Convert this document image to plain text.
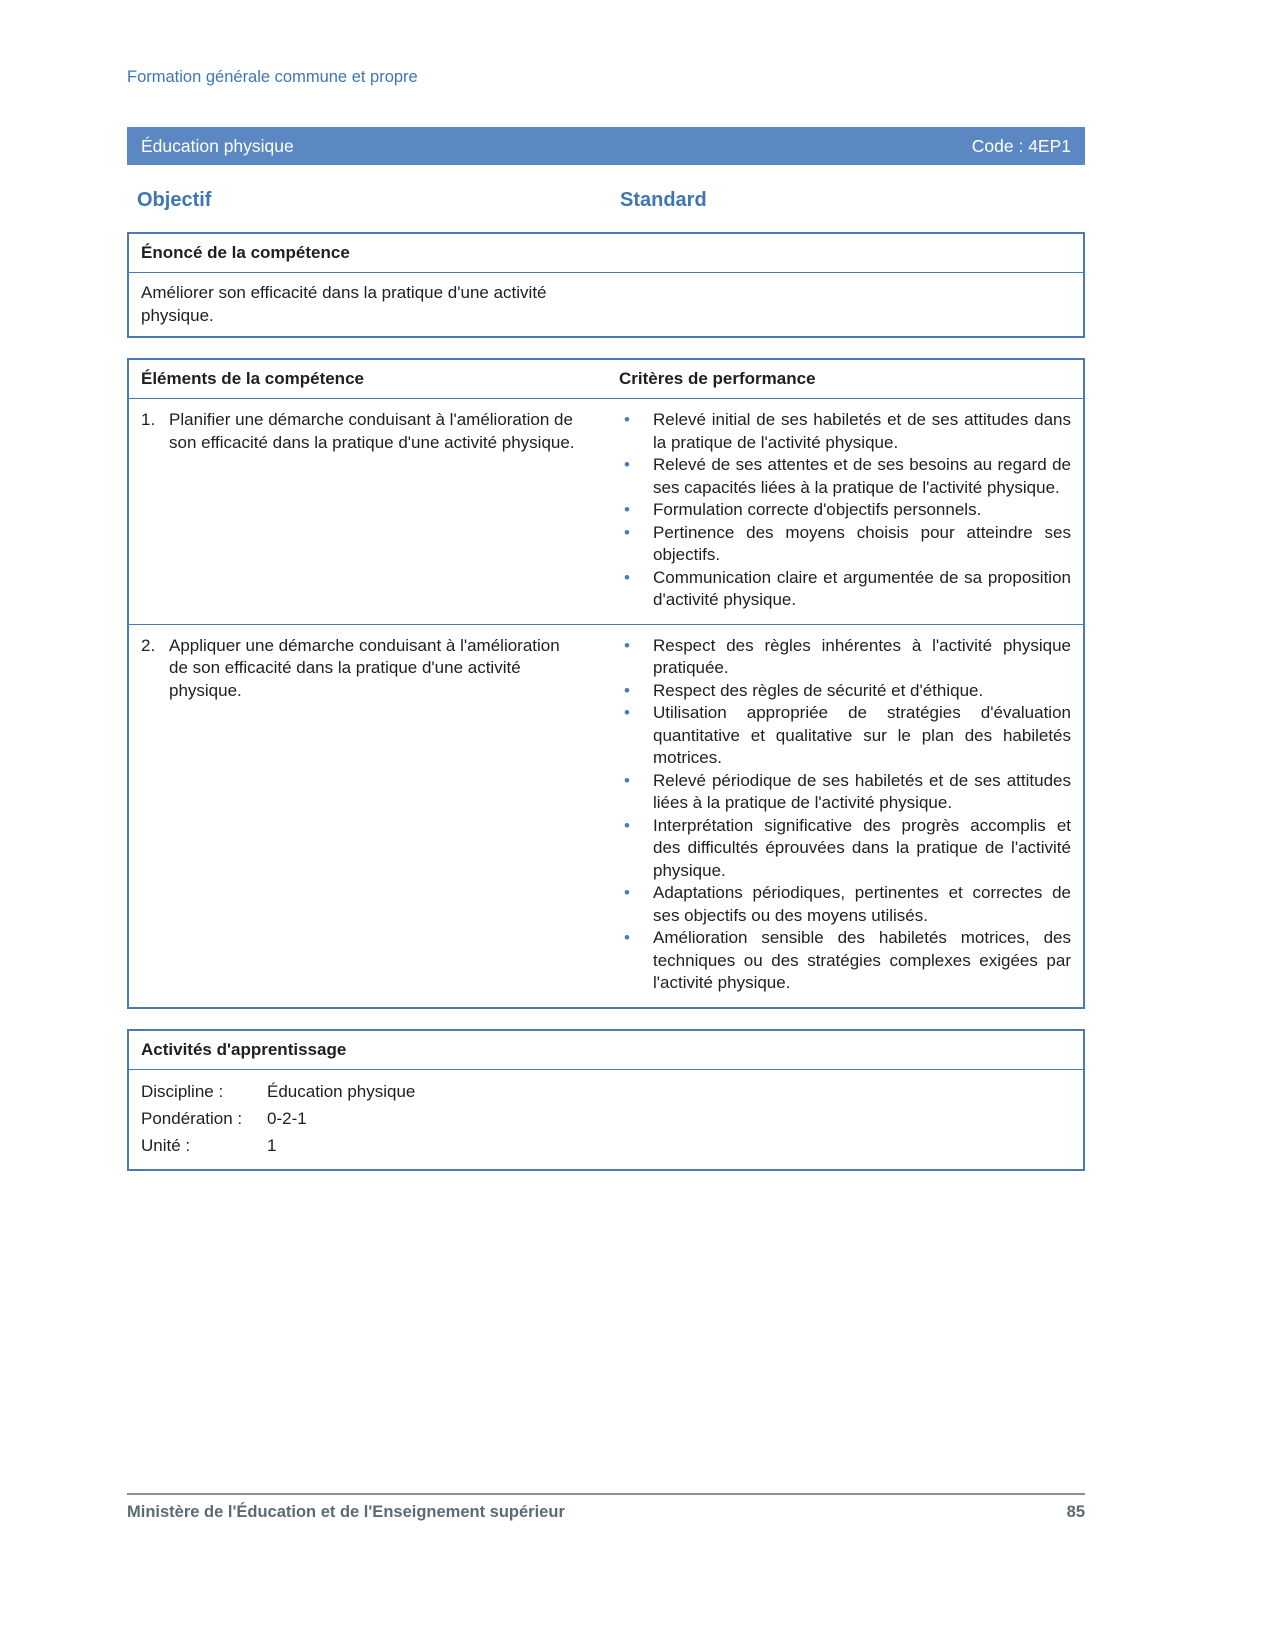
Formation générale commune et propre
Éducation physique	Code : 4EP1
Objectif	Standard
Énoncé de la compétence
Améliorer son efficacité dans la pratique d'une activité physique.
Éléments de la compétence	Critères de performance
1. Planifier une démarche conduisant à l'amélioration de son efficacité dans la pratique d'une activité physique.
•	Relevé initial de ses habiletés et de ses attitudes dans la pratique de l'activité physique.
•	Relevé de ses attentes et de ses besoins au regard de ses capacités liées à la pratique de l'activité physique.
•	Formulation correcte d'objectifs personnels.
•	Pertinence des moyens choisis pour atteindre ses objectifs.
•	Communication claire et argumentée de sa proposition d'activité physique.
2. Appliquer une démarche conduisant à l'amélioration de son efficacité dans la pratique d'une activité physique.
•	Respect des règles inhérentes à l'activité physique pratiquée.
•	Respect des règles de sécurité et d'éthique.
•	Utilisation appropriée de stratégies d'évaluation quantitative et qualitative sur le plan des habiletés motrices.
•	Relevé périodique de ses habiletés et de ses attitudes liées à la pratique de l'activité physique.
•	Interprétation significative des progrès accomplis et des difficultés éprouvées dans la pratique de l'activité physique.
•	Adaptations périodiques, pertinentes et correctes de ses objectifs ou des moyens utilisés.
•	Amélioration sensible des habiletés motrices, des techniques ou des stratégies complexes exigées par l'activité physique.
Activités d'apprentissage
Discipline :	Éducation physique
Pondération :	0-2-1
Unité :	1
Ministère de l'Éducation et de l'Enseignement supérieur	85
